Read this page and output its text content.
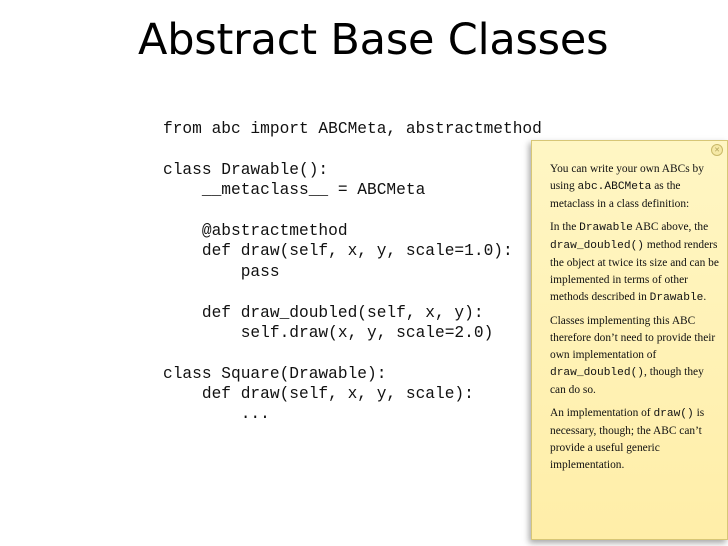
Abstract Base Classes
from abc import ABCMeta, abstractmethod
class Drawable():
__metaclass__ = ABCMeta
@abstractmethod
def draw(self, x, y, scale=1.0):
pass
def draw_doubled(self, x, y):
self.draw(x, y, scale=2.0)
class Square(Drawable):
def draw(self, x, y, scale):
...
✕

You can write your own ABCs by using abc.ABCMeta as the metaclass in a class definition:

In the Drawable ABC above, the draw_doubled() method renders the object at twice its size and can be implemented in terms of other methods described in Drawable.

Classes implementing this ABC therefore don’t need to provide their own implementation of draw_doubled(), though they can do so.

An implementation of draw() is necessary, though; the ABC can’t provide a useful generic implementation.
